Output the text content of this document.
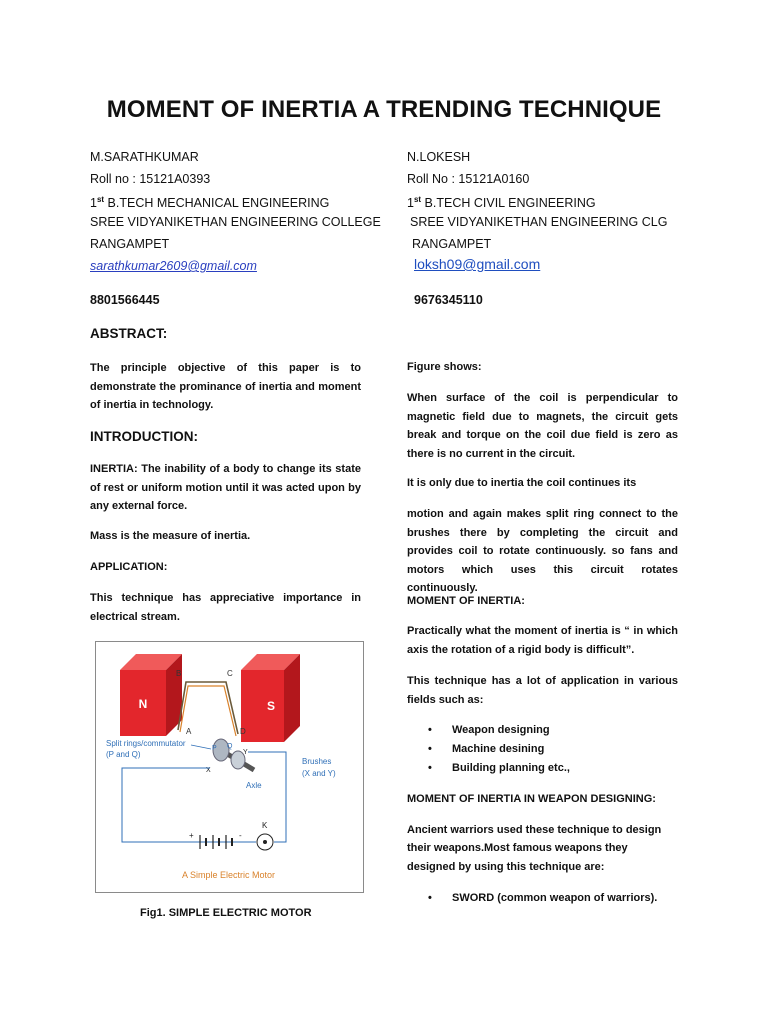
MOMENT OF INERTIA A TRENDING TECHNIQUE
M.SARATHKUMAR
Roll no : 15121A0393
1st B.TECH MECHANICAL ENGINEERING
SREE VIDYANIKETHAN ENGINEERING COLLEGE
RANGAMPET
sarathkumar2609@gmail.com
8801566445
N.LOKESH
Roll No : 15121A0160
1st B.TECH CIVIL ENGINEERING
SREE VIDYANIKETHAN ENGINEERING CLG
RANGAMPET
loksh09@gmail.com
9676345110
ABSTRACT:
The principle objective of this paper is to demonstrate the prominance of inertia and moment of inertia in technology.
INTRODUCTION:
INERTIA: The inability of a body to change its state of rest or uniform motion until it was acted upon by any external force.
Mass is the measure of inertia.
APPLICATION:
This technique has appreciative importance in electrical stream.
N	S
B	C
A	D
P Q
X
Y
Split rings/commutator
(P and Q)
Brushes
(X and Y)
Axle
+	-
K
A Simple Electric Motor
Fig1. SIMPLE ELECTRIC MOTOR
Figure shows:
When surface of the coil is perpendicular to magnetic field due to magnets, the circuit gets break and torque on the coil due field is zero as there is no current in the circuit.
It is only due to inertia the coil continues its
motion and again makes split ring connect to the brushes there by completing the circuit and provides coil to rotate continuously. so fans and motors which uses this circuit rotates continuously.
MOMENT OF INERTIA:
Practically what the moment of inertia is “ in which axis the rotation of a rigid body is difficult”.
This technique has a lot of application in various fields such as:
• Weapon designing
• Machine desining
• Building planning etc.,
MOMENT OF INERTIA IN WEAPON DESIGNING:
Ancient warriors used these technique to design
their weapons.Most famous weapons they
designed by using this technique are:
• SWORD (common weapon of warriors).
